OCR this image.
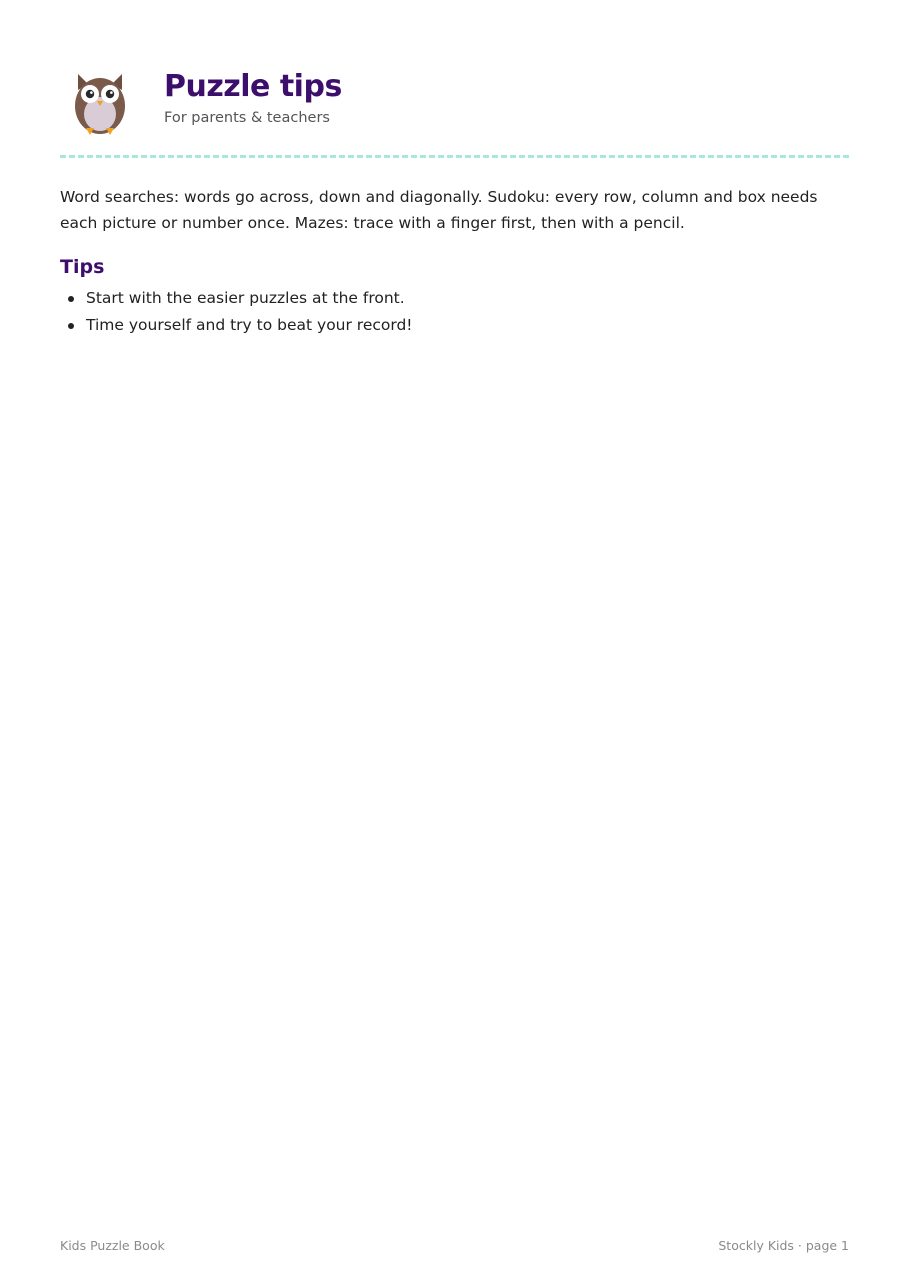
Puzzle tips

For parents & teachers

Word searches: words go across, down and diagonally. Sudoku: every row, column and box needs each picture or number once. Mazes: trace with a finger first, then with a pencil.

Tips
Start with the easier puzzles at the front.
Time yourself and try to beat your record!
Kids Puzzle Book	Stockly Kids · page 1
